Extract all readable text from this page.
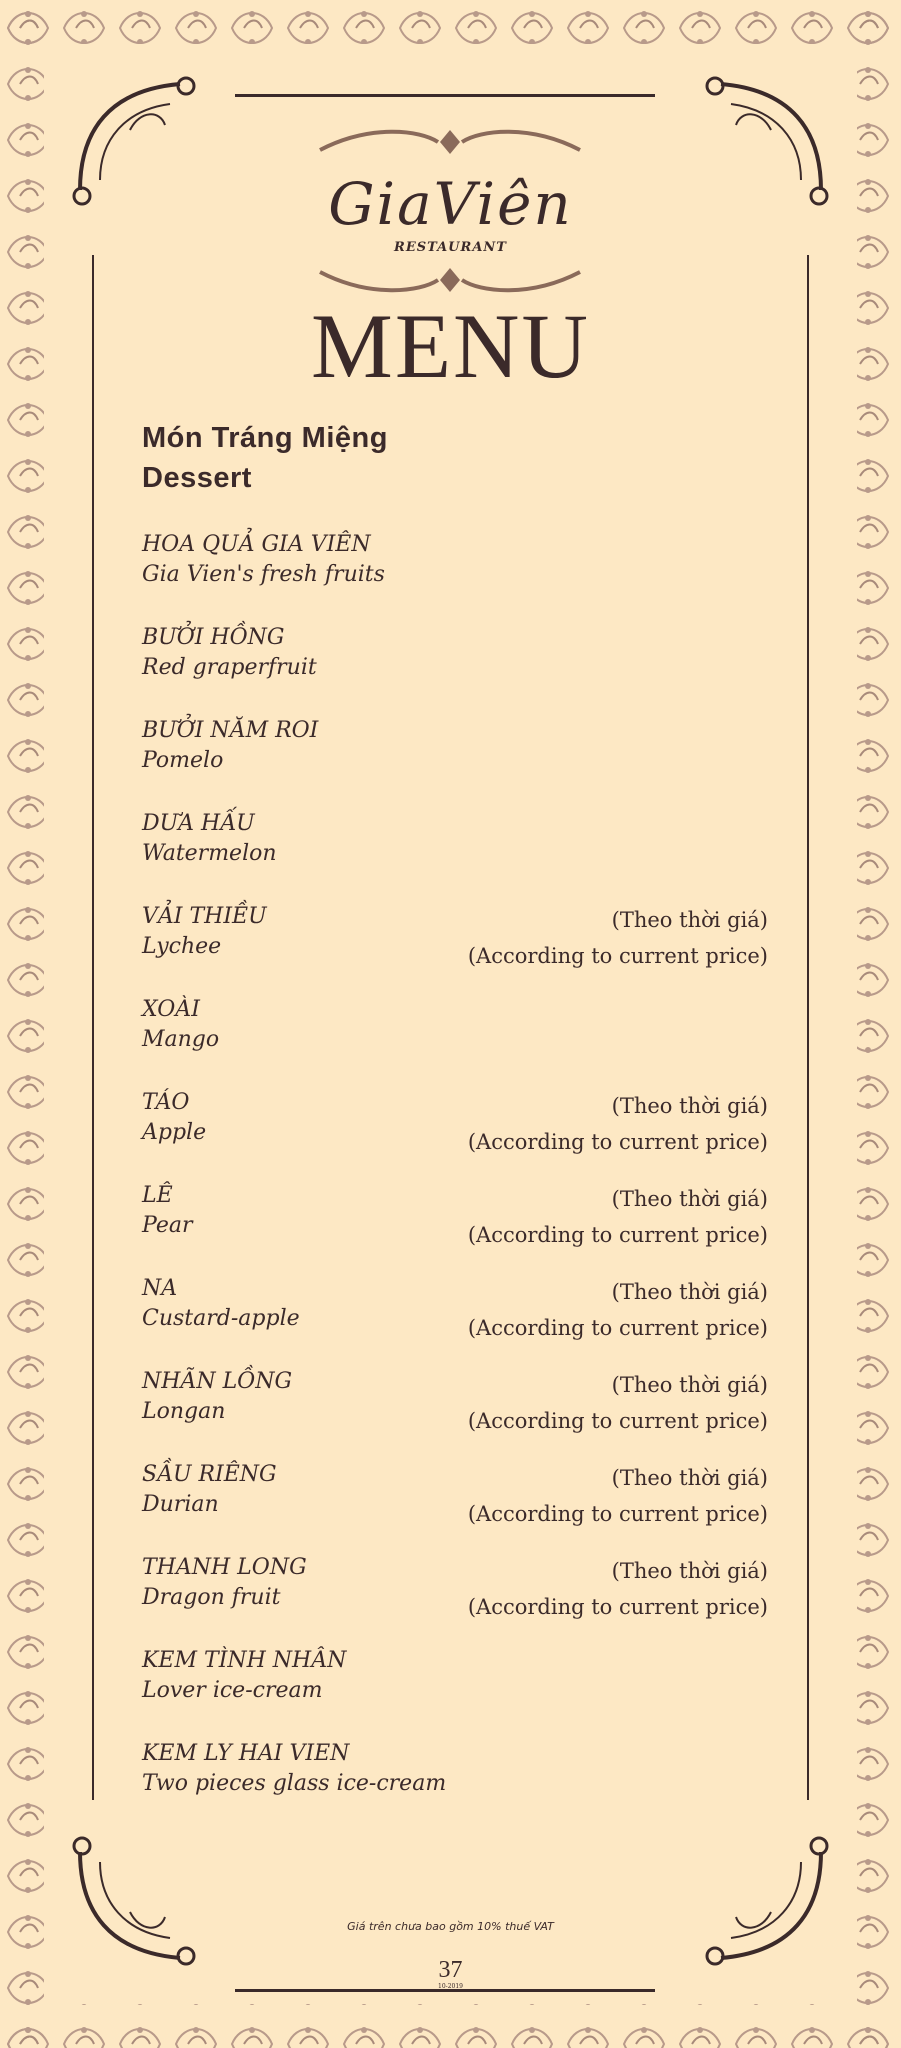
GiaViên
RESTAURANT
MENU
Món Tráng Miệng
Dessert
HOA QUẢ GIA VIÊN
Gia Vien's fresh fruits
BƯỞI HỒNG
Red graperfruit
BƯỞI NĂM ROI
Pomelo
DƯA HẤU
Watermelon
VẢI THIỀU
Lychee
(Theo thời giá)
(According to current price)
XOÀI
Mango
TÁO
Apple
(Theo thời giá)
(According to current price)
LÊ
Pear
(Theo thời giá)
(According to current price)
NA
Custard-apple
(Theo thời giá)
(According to current price)
NHÃN LỒNG
Longan
(Theo thời giá)
(According to current price)
SẦU RIÊNG
Durian
(Theo thời giá)
(According to current price)
THANH LONG
Dragon fruit
(Theo thời giá)
(According to current price)
KEM TÌNH NHÂN
Lover ice-cream
KEM LY HAI VIEN
Two pieces glass ice-cream
Giá trên chưa bao gồm 10% thuế VAT
37
10-2019
